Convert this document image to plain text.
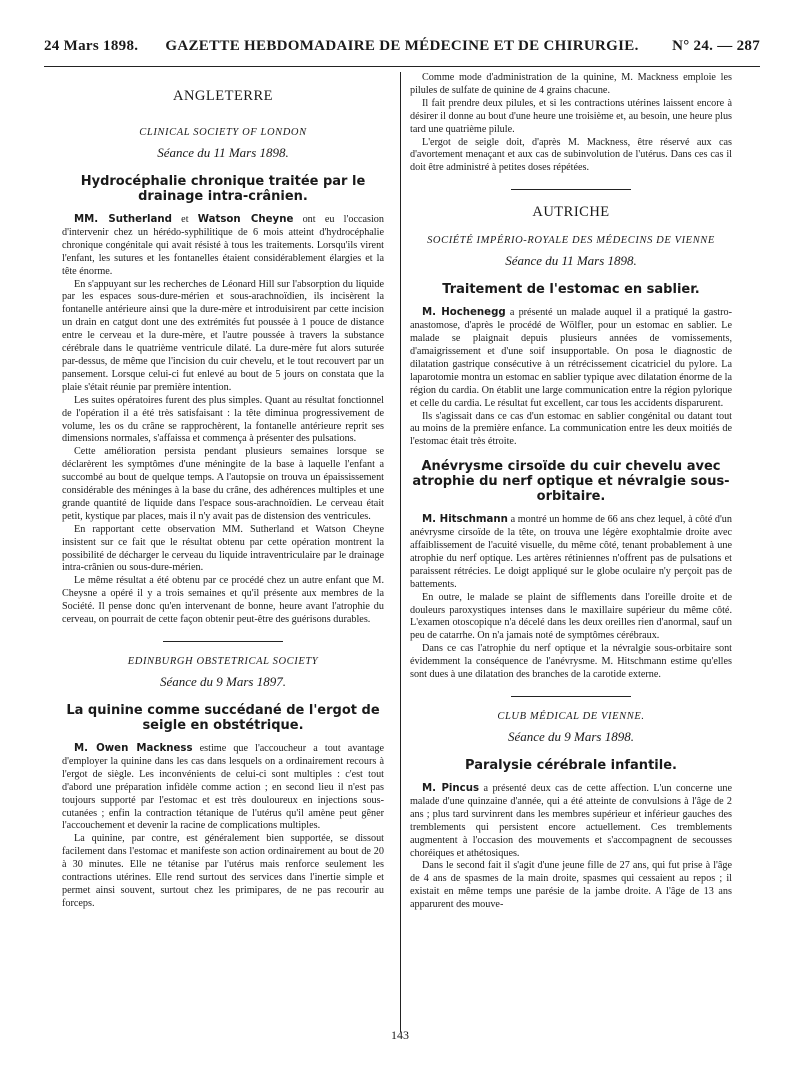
24 Mars 1898.	GAZETTE HEBDOMADAIRE DE MÉDECINE ET DE CHIRURGIE.	N° 24. — 287
ANGLETERRE
CLINICAL SOCIETY OF LONDON
Séance du 11 Mars 1898.
Hydrocéphalie chronique traitée par le drainage intra-crânien.

MM. Sutherland et Watson Cheyne ont eu l'occasion d'intervenir chez un hérédo-syphilitique de 6 mois atteint d'hydrocéphalie chronique congénitale qui avait résisté à tous les traitements. Lorsqu'ils virent l'enfant, les sutures et les fontanelles étaient considérablement élargies et la tête énorme.

En s'appuyant sur les recherches de Léonard Hill sur l'absorption du liquide par les espaces sous-dure-mérien et sous-arachnoïdien, ils incisèrent la fontanelle antérieure ainsi que la dure-mère et introduisirent par cette incision un drain en catgut dont une des extrémités fut poussée à 1 pouce de distance entre le cerveau et la dure-mère, et l'autre poussée à travers la substance cérébrale dans le quatrième ventricule dilaté. La dure-mère fut alors suturée par-dessus, de même que l'incision du cuir chevelu, et le tout recouvert par un pansement. Lorsque celui-ci fut enlevé au bout de 5 jours on constata que la plaie s'était réunie par première intention.

Les suites opératoires furent des plus simples. Quant au résultat fonctionnel de l'opération il a été très satisfaisant : la tête diminua progressivement de volume, les os du crâne se rapprochèrent, la fontanelle antérieure reprit ses dimensions normales, s'affaissa et commença à présenter des pulsations.

Cette amélioration persista pendant plusieurs semaines lorsque se déclarèrent les symptômes d'une méningite de la base à laquelle l'enfant a succombé au bout de quelque temps. A l'autopsie on trouva un épaississement considérable des méninges à la base du crâne, des adhérences multiples et une grande quantité de liquide dans l'espace sous-arachnoïdien. Le cerveau était petit, kystique par places, mais il n'y avait pas de distension des ventricules.

En rapportant cette observation MM. Sutherland et Watson Cheyne insistent sur ce fait que le résultat obtenu par cette opération montrent la possibilité de décharger le cerveau du liquide intraventriculaire par le drainage intra-crânien ou sous-dure-mérien.

Le même résultat a été obtenu par ce procédé chez un autre enfant que M. Cheysne a opéré il y a trois semaines et qu'il présente aux membres de la Société. Il pense donc qu'en intervenant de bonne, heure avant l'atrophie du cerveau, on pourrait de cette façon obtenir peut-être des guérisons durables.

EDINBURGH OBSTETRICAL SOCIETY
Séance du 9 Mars 1897.
La quinine comme succédané de l'ergot de seigle en obstétrique.

M. Owen Mackness estime que l'accoucheur a tout avantage d'employer la quinine dans les cas dans lesquels on a ordinairement recours à l'ergot de siègle. Les inconvénients de celui-ci sont multiples : c'est tout d'abord une préparation infidèle comme action ; en second lieu il n'est pas toujours supporté par l'estomac et est très douloureux en injections sous-cutanées ; enfin la contraction tétanique de l'utérus qu'il amène peut gêner l'accouchement et devenir la racine de complications multiples.

La quinine, par contre, est généralement bien supportée, se dissout facilement dans l'estomac et manifeste son action ordinairement au bout de 20 à 30 minutes. Elle ne tétanise par l'utérus mais renforce seulement les contractions utérines. Elle rend surtout des services dans l'inertie simple et permet ainsi souvent, surtout chez les primipares, de ne pas recourir au forceps.

Comme mode d'administration de la quinine, M. Mackness emploie les pilules de sulfate de quinine de 4 grains chacune.

Il fait prendre deux pilules, et si les contractions utérines laissent encore à désirer il donne au bout d'une heure une troisième et, au besoin, une heure plus tard une quatrième pilule.

L'ergot de seigle doit, d'après M. Mackness, être réservé aux cas d'avortement menaçant et aux cas de subinvolution de l'utérus. Dans ces cas il doit être administré à petites doses répétées.

AUTRICHE
SOCIÉTÉ IMPÉRIO-ROYALE DES MÉDECINS DE VIENNE
Séance du 11 Mars 1898.
Traitement de l'estomac en sablier.

M. Hochenegg a présenté un malade auquel il a pratiqué la gastro-anastomose, d'après le procédé de Wölfler, pour un estomac en sablier. Le malade se plaignait depuis plusieurs années de vomissements, d'amaigrissement et d'une soif insupportable. On posa le diagnostic de dilatation gastrique consécutive à un rétrécissement cicatriciel du pylore. La laparotomie montra un estomac en sablier typique avec dilatation énorme de la région du cardia. On établit une large communication entre la région pylorique et celle du cardia. Le résultat fut excellent, car tous les accidents disparurent.

Ils s'agissait dans ce cas d'un estomac en sablier congénital ou datant tout au moins de la première enfance. La communication entre les deux moitiés de l'estomac était très étroite.

Anévrysme cirsoïde du cuir chevelu avec atrophie du nerf optique et névralgie sous-orbitaire.

M. Hitschmann a montré un homme de 66 ans chez lequel, à côté d'un anévrysme cirsoïde de la tête, on trouva une légère exophtalmie droite avec affaiblissement de l'acuité visuelle, du même côté, tenant probablement à une atrophie du nerf optique. Les artères rétiniennes n'offrent pas de pulsations et paraissent rétrécies. Le doigt appliqué sur le globe oculaire n'y perçoit pas de battements.

En outre, le malade se plaint de sifflements dans l'oreille droite et de douleurs paroxystiques intenses dans le maxillaire supérieur du même côté. L'examen otoscopique n'a décelé dans les deux oreilles rien d'anormal, sauf un peu de catarrhe. On n'a jamais noté de symptômes cérébraux.

Dans ce cas l'atrophie du nerf optique et la névralgie sous-orbitaire sont évidemment la conséquence de l'anévrysme. M. Hitschmann estime qu'elles sont dues à une dilatation des branches de la carotide externe.

CLUB MÉDICAL DE VIENNE.
Séance du 9 Mars 1898.
Paralysie cérébrale infantile.

M. Pincus a présenté deux cas de cette affection. L'un concerne une malade d'une quinzaine d'année, qui a été atteinte de convulsions à l'âge de 2 ans ; plus tard survinrent dans les membres supérieur et inférieur gauches des tremblements qui persistent encore actuellement. Ces tremblements augmentent à l'occasion des mouvements et s'accompagnent de secousses choréiques et athétosiques.

Dans le second fait il s'agit d'une jeune fille de 27 ans, qui fut prise à l'âge de 4 ans de spasmes de la main droite, spasmes qui cessaient au repos ; il existait en même temps une parésie de la jambe droite. A l'âge de 13 ans apparurent des mouve-

143
